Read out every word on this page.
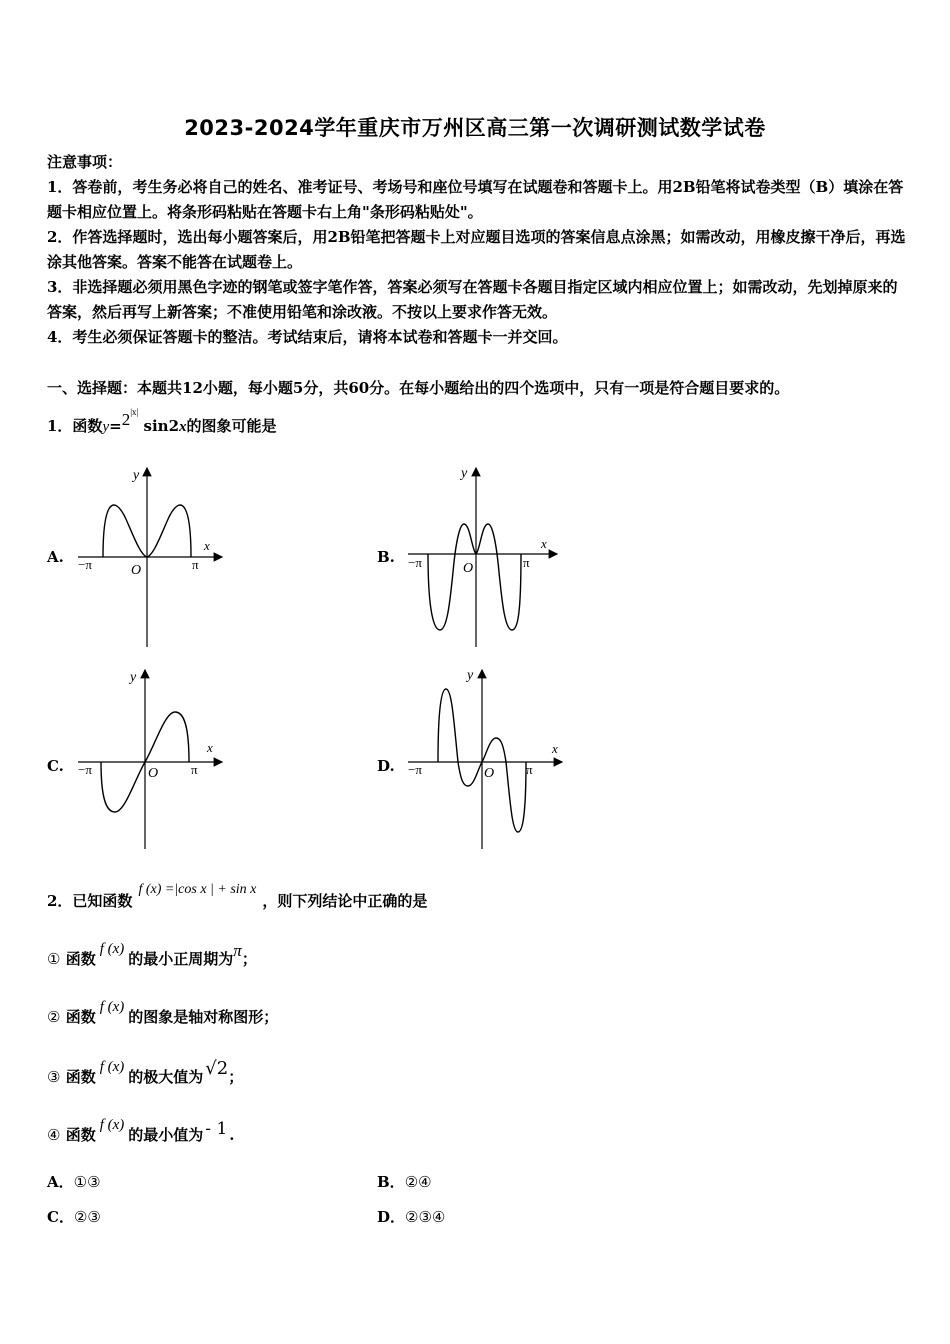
2023-2024学年重庆市万州区高三第一次调研测试数学试卷
注意事项：
1．答卷前，考生务必将自己的姓名、准考证号、考场号和座位号填写在试题卷和答题卡上。用2B铅笔将试卷类型（B）填涂在答题卡相应位置上。将条形码粘贴在答题卡右上角"条形码粘贴处"。
2．作答选择题时，选出每小题答案后，用2B铅笔把答题卡上对应题目选项的答案信息点涂黑；如需改动，用橡皮擦干净后，再选涂其他答案。答案不能答在试题卷上。
3．非选择题必须用黑色字迹的钢笔或签字笔作答，答案必须写在答题卡各题目指定区域内相应位置上；如需改动，先划掉原来的答案，然后再写上新答案；不准使用铅笔和涂改液。不按以上要求作答无效。
4．考生必须保证答题卡的整洁。考试结束后，请将本试卷和答题卡一并交回。
一、选择题：本题共12小题，每小题5分，共60分。在每小题给出的四个选项中，只有一项是符合题目要求的。
1．函数$y=2^{|x|}$ sin2x的图象可能是
A.	B.
C.	D.
y
x
O
−π	π
y
x
O
−π	π
y
x
O
−π	π
y
x
O
−π	π
2．已知函数f (x) =|cos x | + sin x，则下列结论中正确的是
① 函数f (x)的最小正周期为π；
② 函数f (x)的图象是轴对称图形；
③ 函数f (x)的极大值为 √2；
④ 函数f (x)的最小值为 - 1 .
A．①③	B．②④
C．②③	D．②③④
